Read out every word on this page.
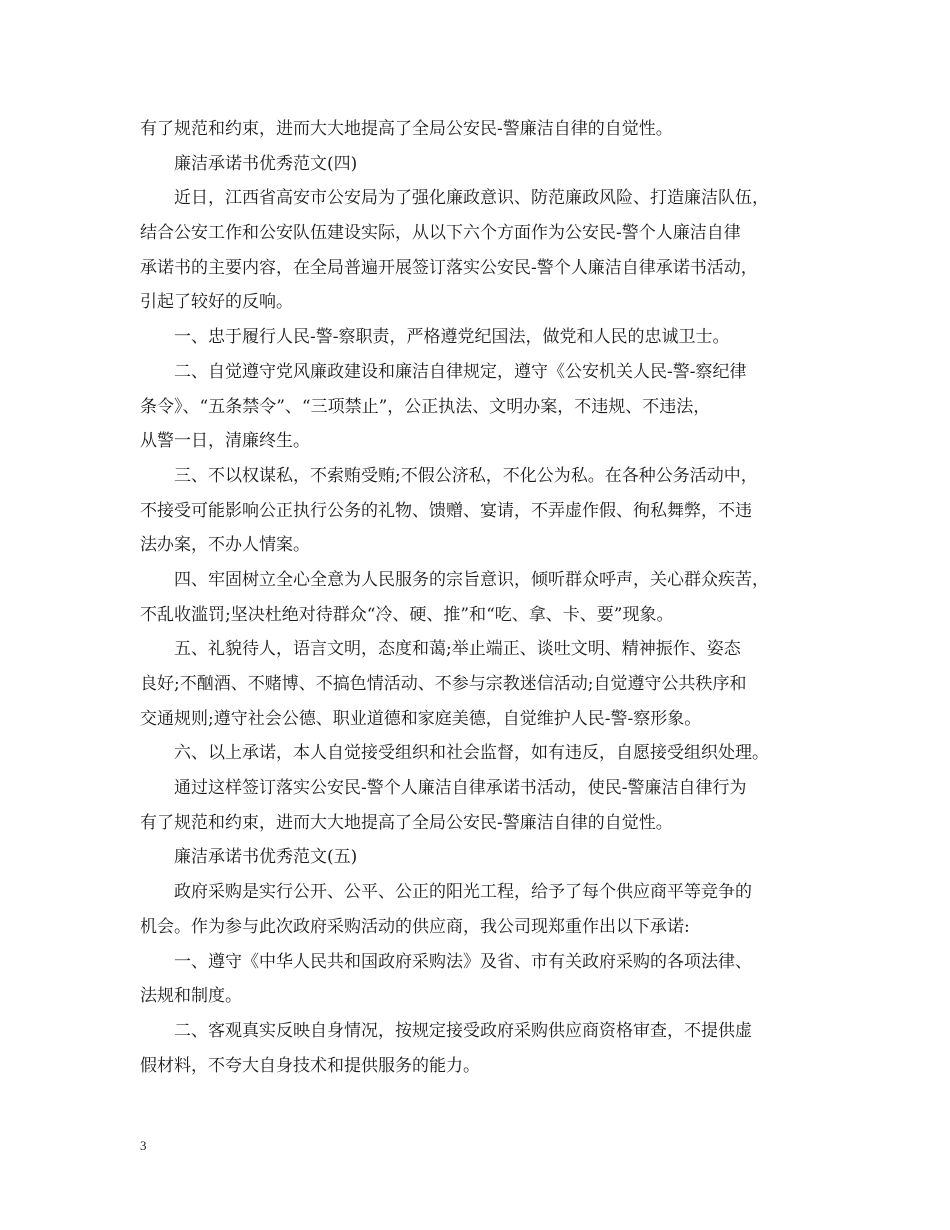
有了规范和约束，进而大大地提高了全局公安民-警廉洁自律的自觉性。
廉洁承诺书优秀范文(四)
近日，江西省高安市公安局为了强化廉政意识、防范廉政风险、打造廉洁队伍，
结合公安工作和公安队伍建设实际，从以下六个方面作为公安民-警个人廉洁自律
承诺书的主要内容，在全局普遍开展签订落实公安民-警个人廉洁自律承诺书活动，
引起了较好的反响。
一、忠于履行人民-警-察职责，严格遵党纪国法，做党和人民的忠诚卫士。
二、自觉遵守党风廉政建设和廉洁自律规定，遵守《公安机关人民-警-察纪律
条令》、“五条禁令”、“三项禁止”，公正执法、文明办案，不违规、不违法，
从警一日，清廉终生。
三、不以权谋私，不索贿受贿;不假公济私，不化公为私。在各种公务活动中，
不接受可能影响公正执行公务的礼物、馈赠、宴请，不弄虚作假、徇私舞弊，不违
法办案，不办人情案。
四、牢固树立全心全意为人民服务的宗旨意识，倾听群众呼声，关心群众疾苦，
不乱收滥罚;坚决杜绝对待群众“冷、硬、推”和“吃、拿、卡、要”现象。
五、礼貌待人，语言文明，态度和蔼;举止端正、谈吐文明、精神振作、姿态
良好;不酗酒、不赌博、不搞色情活动、不参与宗教迷信活动;自觉遵守公共秩序和
交通规则;遵守社会公德、职业道德和家庭美德，自觉维护人民-警-察形象。
六、以上承诺，本人自觉接受组织和社会监督，如有违反，自愿接受组织处理。
通过这样签订落实公安民-警个人廉洁自律承诺书活动，使民-警廉洁自律行为
有了规范和约束，进而大大地提高了全局公安民-警廉洁自律的自觉性。
廉洁承诺书优秀范文(五)
政府采购是实行公开、公平、公正的阳光工程，给予了每个供应商平等竞争的
机会。作为参与此次政府采购活动的供应商，我公司现郑重作出以下承诺:
一、遵守《中华人民共和国政府采购法》及省、市有关政府采购的各项法律、
法规和制度。
二、客观真实反映自身情况，按规定接受政府采购供应商资格审查，不提供虚
假材料，不夸大自身技术和提供服务的能力。
3
